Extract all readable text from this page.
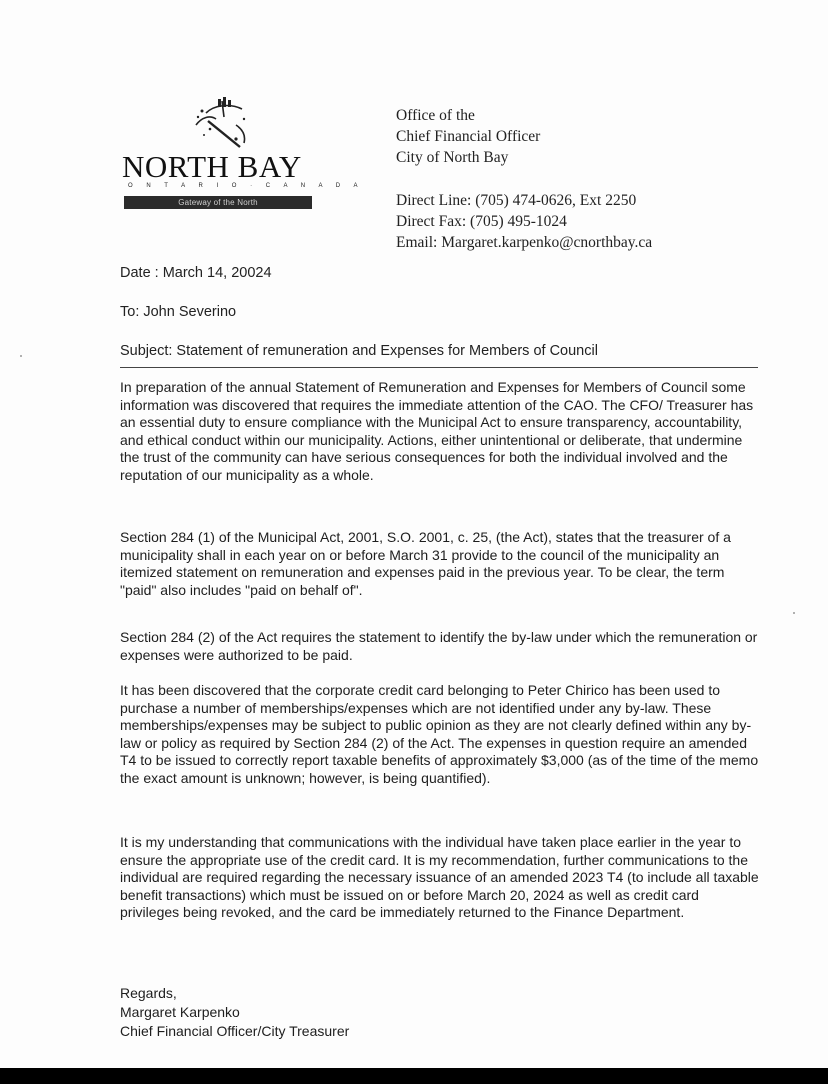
NORTH BAY
O N T A R I O · C A N A D A
Gateway of the North
Office of the
Chief Financial Officer
City of North Bay
Direct Line: (705) 474-0626, Ext 2250
Direct Fax: (705) 495-1024
Email: Margaret.karpenko@cnorthbay.ca
Date : March 14, 20024
To: John Severino
Subject: Statement of remuneration and Expenses for Members of Council

In preparation of the annual Statement of Remuneration and Expenses for Members of Council some information was discovered that requires the immediate attention of the CAO. The CFO/ Treasurer has an essential duty to ensure compliance with the Municipal Act to ensure transparency, accountability, and ethical conduct within our municipality. Actions, either unintentional or deliberate, that undermine the trust of the community can have serious consequences for both the individual involved and the reputation of our municipality as a whole.

Section 284 (1) of the Municipal Act, 2001, S.O. 2001, c. 25, (the Act), states that the treasurer of a municipality shall in each year on or before March 31 provide to the council of the municipality an itemized statement on remuneration and expenses paid in the previous year. To be clear, the term "paid" also includes "paid on behalf of".

Section 284 (2) of the Act requires the statement to identify the by-law under which the remuneration or expenses were authorized to be paid.

It has been discovered that the corporate credit card belonging to Peter Chirico has been used to purchase a number of memberships/expenses which are not identified under any by-law. These memberships/expenses may be subject to public opinion as they are not clearly defined within any by-law or policy as required by Section 284 (2) of the Act. The expenses in question require an amended T4 to be issued to correctly report taxable benefits of approximately $3,000 (as of the time of the memo the exact amount is unknown; however, is being quantified).

It is my understanding that communications with the individual have taken place earlier in the year to ensure the appropriate use of the credit card. It is my recommendation, further communications to the individual are required regarding the necessary issuance of an amended 2023 T4 (to include all taxable benefit transactions) which must be issued on or before March 20, 2024 as well as credit card privileges being revoked, and the card be immediately returned to the Finance Department.

Regards,
Margaret Karpenko
Chief Financial Officer/City Treasurer
